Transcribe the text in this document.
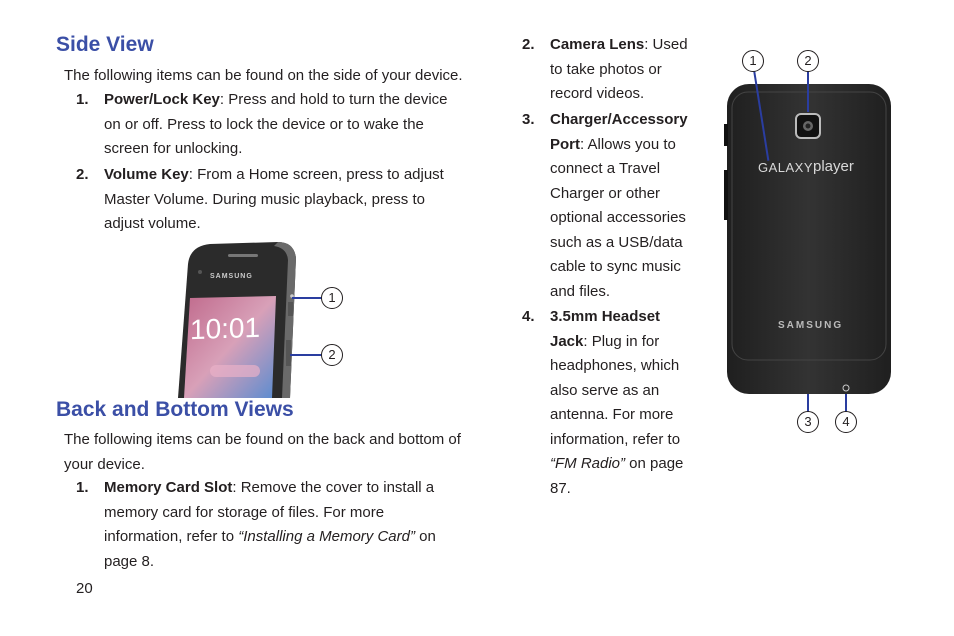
Side View

The following items can be found on the side of your device.

1. Power/Lock Key: Press and hold to turn the device on or off. Press to lock the device or to wake the screen for unlocking.
2. Volume Key: From a Home screen, press to adjust Master Volume. During music playback, press to adjust volume.
SAMSUNG
10:01
1
2
Back and Bottom Views

The following items can be found on the back and bottom of your device.

1. Memory Card Slot: Remove the cover to install a memory card for storage of files. For more information, refer to “Installing a Memory Card” on page 8.
2. Camera Lens: Used to take photos or record videos.
3. Charger/Accessory Port: Allows you to connect a Travel Charger or other optional accessories such as a USB/data cable to sync music and files.
4. 3.5mm Headset Jack: Plug in for headphones, which also serve as an antenna. For more information, refer to “FM Radio” on page 87.
GALAXY player
SAMSUNG
1	2
3	4
20
